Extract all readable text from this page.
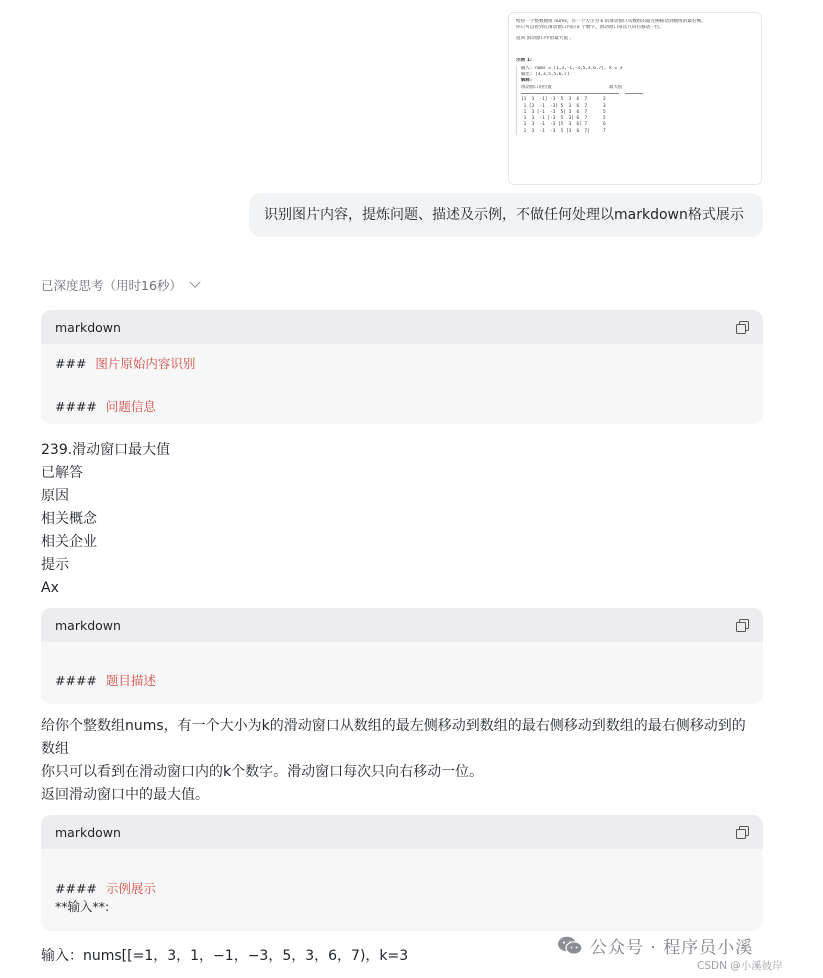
给你一个整数数组 nums，有一个大小为 k 的滑动窗口从数组的最左侧移动到数组的最右侧。
你只可以看到在滑动窗口内的 k 个数字。滑动窗口每次只向右移动一位。
返回 滑动窗口中的最大值 。
示例 1:
输入: nums = [1,3,-1,-3,5,3,6,7], k = 3
输出: [3,3,5,5,6,7]
解释:
滑动窗口的位置	最大值
[1  3  -1] -3  5  3  6  7      3
1 [3  -1  -3] 5  3  6  7      3
1  3 [-1  -3  5] 3  6  7      5
1  3  -1 [-3  5  3] 6  7      5
1  3  -1  -3 [5  3  6] 7      6
1  3  -1  -3  5 [3  6  7]     7
识别图片内容，提炼问题、描述及示例，不做任何处理以markdown格式展示
已深度思考（用时16秒）
markdown
### 图片原始内容识别
#### 问题信息
239.滑动窗口最大值
已解答
原因
相关概念
相关企业
提示
Ax
markdown
#### 题目描述
给你个整数组nums，有一个大小为k的滑动窗口从数组的最左侧移动到数组的最右侧移动到数组的最右侧移动到的
数组
你只可以看到在滑动窗口内的k个数字。滑动窗口每次只向右移动一位。
返回滑动窗口中的最大值。
markdown
#### 示例展示
**输入**:
输入：nums[[=1，3，1，−1，−3，5，3，6，7)，k=3	公众号 · 程序员小溪
CSDN @小溪彼岸
